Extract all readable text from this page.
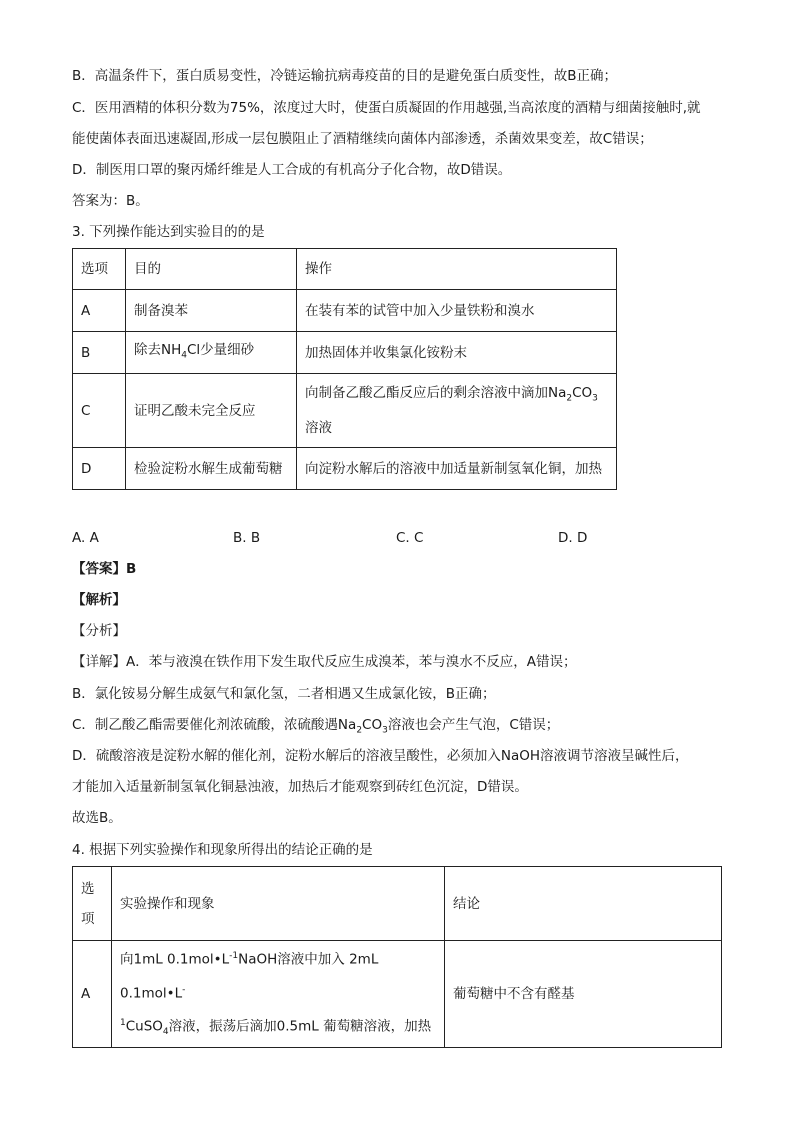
B．高温条件下，蛋白质易变性，冷链运输抗病毒疫苗的目的是避免蛋白质变性，故B正确；
C．医用酒精的体积分数为75%，浓度过大时，使蛋白质凝固的作用越强,当高浓度的酒精与细菌接触时,就
能使菌体表面迅速凝固,形成一层包膜阻止了酒精继续向菌体内部渗透，杀菌效果变差，故C错误；
D．制医用口罩的聚丙烯纤维是人工合成的有机高分子化合物，故D错误。
答案为：B。
3. 下列操作能达到实验目的的是
选项	目的	操作
A	制备溴苯	在装有苯的试管中加入少量铁粉和溴水
B	除去$NH_4Cl$少量细砂	加热固体并收集氯化铵粉末
C	证明乙酸未完全反应	向制备乙酸乙酯反应后的剩余溶液中滴加$Na_2CO_3$
溶液
D	检验淀粉水解生成葡萄糖	向淀粉水解后的溶液中加适量新制氢氧化铜，加热
A. A	B. B	C. C	D. D
【答案】B
【解析】
【分析】
【详解】A．苯与液溴在铁作用下发生取代反应生成溴苯，苯与溴水不反应，A错误；
B．氯化铵易分解生成氨气和氯化氢，二者相遇又生成氯化铵，B正确；
C．制乙酸乙酯需要催化剂浓硫酸，浓硫酸遇$Na_2CO_3$溶液也会产生气泡，C错误；
D．硫酸溶液是淀粉水解的催化剂，淀粉水解后的溶液呈酸性，必须加入NaOH溶液调节溶液呈碱性后，
才能加入适量新制氢氧化铜悬浊液，加热后才能观察到砖红色沉淀，D错误。
故选B。
4. 根据下列实验操作和现象所得出的结论正确的是
选
项	实验操作和现象	结论
A	向1mL $0.1mol•L^{-1}NaOH$溶液中加入 2mL 0.1mol•L-
$^1$CuSO$_4$溶液，振荡后滴加0.5mL 葡萄糖溶液，加热	葡萄糖中不含有醛基
